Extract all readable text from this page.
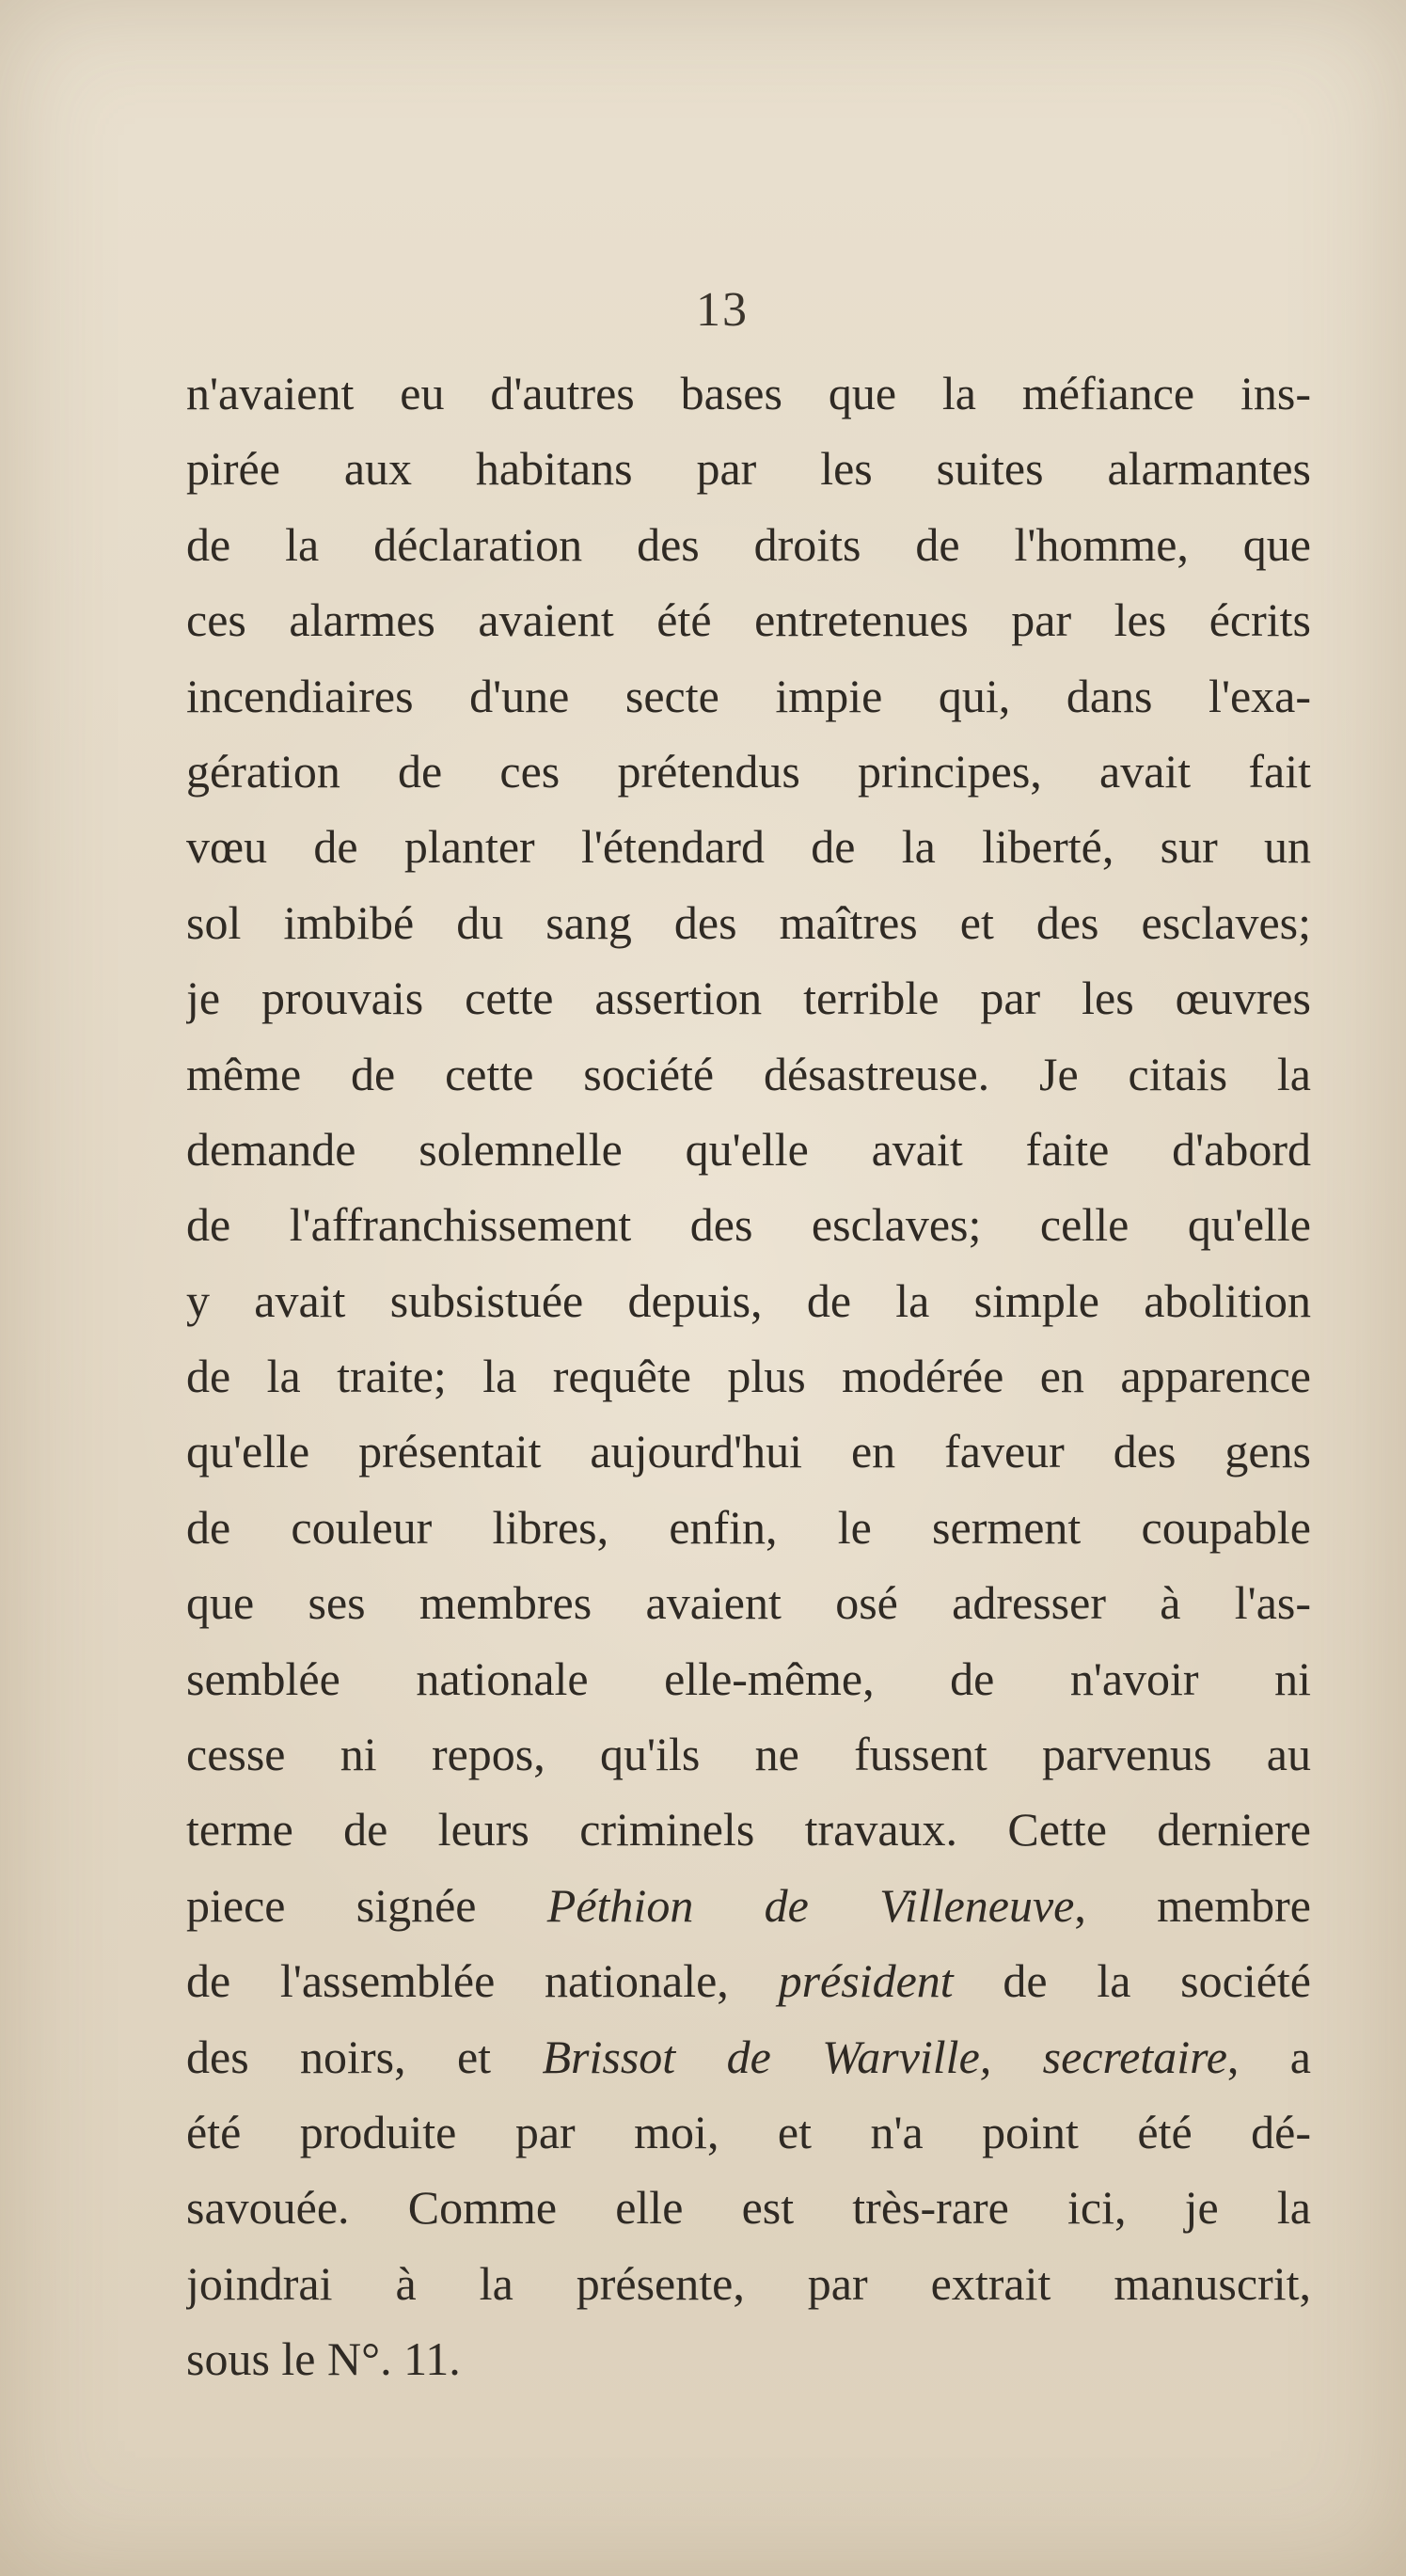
13
n'avaient eu d'autres bases que la méfiance ins-
pirée aux habitans par les suites alarmantes
de la déclaration des droits de l'homme, que
ces alarmes avaient été entretenues par les écrits
incendiaires d'une secte impie qui, dans l'exa-
gération de ces prétendus principes, avait fait
vœu de planter l'étendard de la liberté, sur un
sol imbibé du sang des maîtres et des esclaves;
je prouvais cette assertion terrible par les œuvres
même de cette société désastreuse. Je citais la
demande solemnelle qu'elle avait faite d'abord
de l'affranchissement des esclaves; celle qu'elle
y avait subsistuée depuis, de la simple abolition
de la traite; la requête plus modérée en apparence
qu'elle présentait aujourd'hui en faveur des gens
de couleur libres, enfin, le serment coupable
que ses membres avaient osé adresser à l'as-
semblée nationale elle-même, de n'avoir ni
cesse ni repos, qu'ils ne fussent parvenus au
terme de leurs criminels travaux. Cette derniere
piece signée Péthion de Villeneuve, membre
de l'assemblée nationale, président de la société
des noirs, et Brissot de Warville, secretaire, a
été produite par moi, et n'a point été dé-
savouée. Comme elle est très-rare ici, je la
joindrai à la présente, par extrait manuscrit,
sous le N°. 11.
